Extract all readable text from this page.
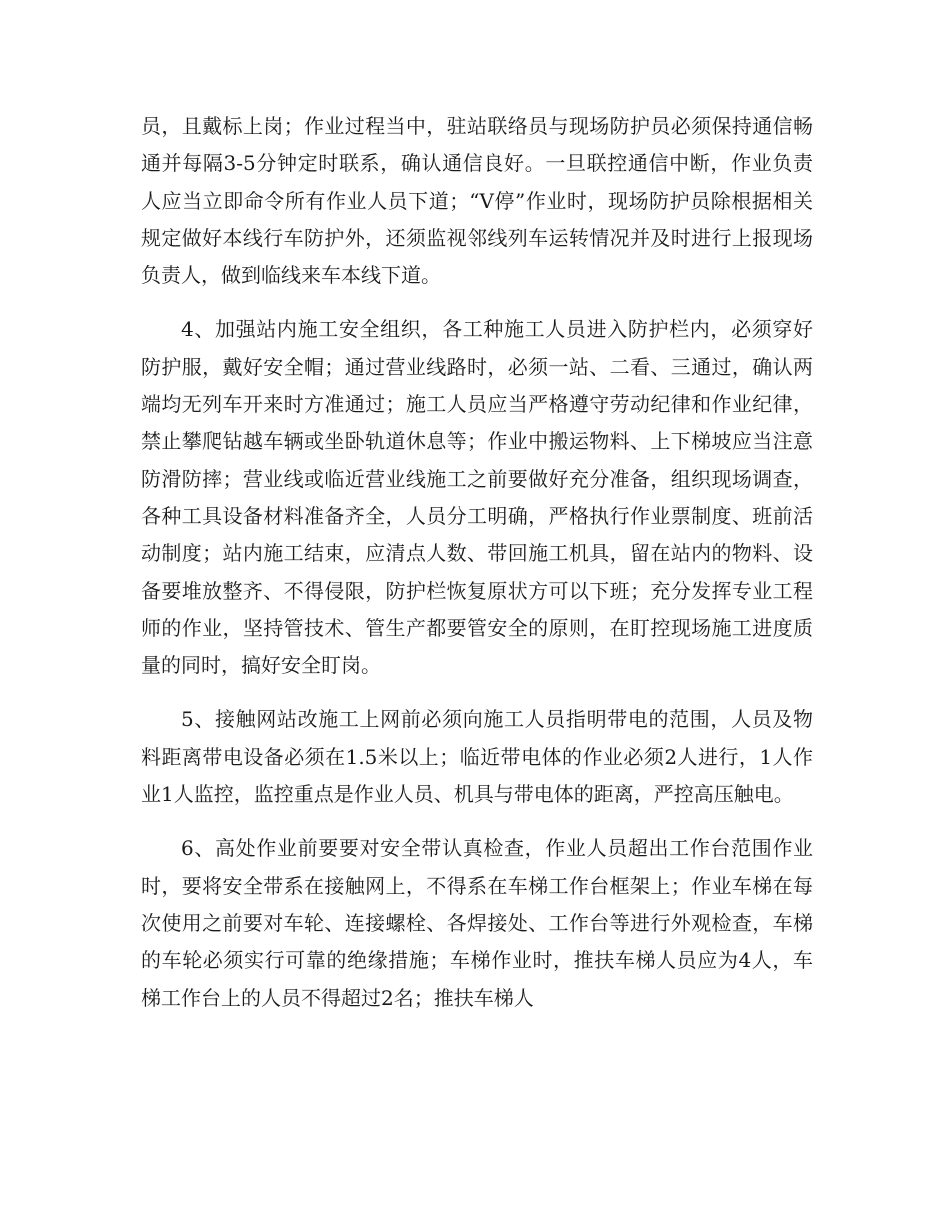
员，且戴标上岗；作业过程当中，驻站联络员与现场防护员必须保持通信畅通并每隔3-5分钟定时联系，确认通信良好。一旦联控通信中断，作业负责人应当立即命令所有作业人员下道；“V停”作业时，现场防护员除根据相关规定做好本线行车防护外，还须监视邻线列车运转情况并及时进行上报现场负责人，做到临线来车本线下道。

4、加强站内施工安全组织，各工种施工人员进入防护栏内，必须穿好防护服，戴好安全帽；通过营业线路时，必须一站、二看、三通过，确认两端均无列车开来时方准通过；施工人员应当严格遵守劳动纪律和作业纪律，禁止攀爬钻越车辆或坐卧轨道休息等；作业中搬运物料、上下梯坡应当注意防滑防摔；营业线或临近营业线施工之前要做好充分准备，组织现场调查，各种工具设备材料准备齐全，人员分工明确，严格执行作业票制度、班前活动制度；站内施工结束，应清点人数、带回施工机具，留在站内的物料、设备要堆放整齐、不得侵限，防护栏恢复原状方可以下班；充分发挥专业工程师的作业，坚持管技术、管生产都要管安全的原则，在盯控现场施工进度质量的同时，搞好安全盯岗。

5、接触网站改施工上网前必须向施工人员指明带电的范围，人员及物料距离带电设备必须在1.5米以上；临近带电体的作业必须2人进行，1人作业1人监控，监控重点是作业人员、机具与带电体的距离，严控高压触电。

6、高处作业前要要对安全带认真检查，作业人员超出工作台范围作业时，要将安全带系在接触网上，不得系在车梯工作台框架上；作业车梯在每次使用之前要对车轮、连接螺栓、各焊接处、工作台等进行外观检查，车梯的车轮必须实行可靠的绝缘措施；车梯作业时，推扶车梯人员应为4人，车梯工作台上的人员不得超过2名；推扶车梯人
